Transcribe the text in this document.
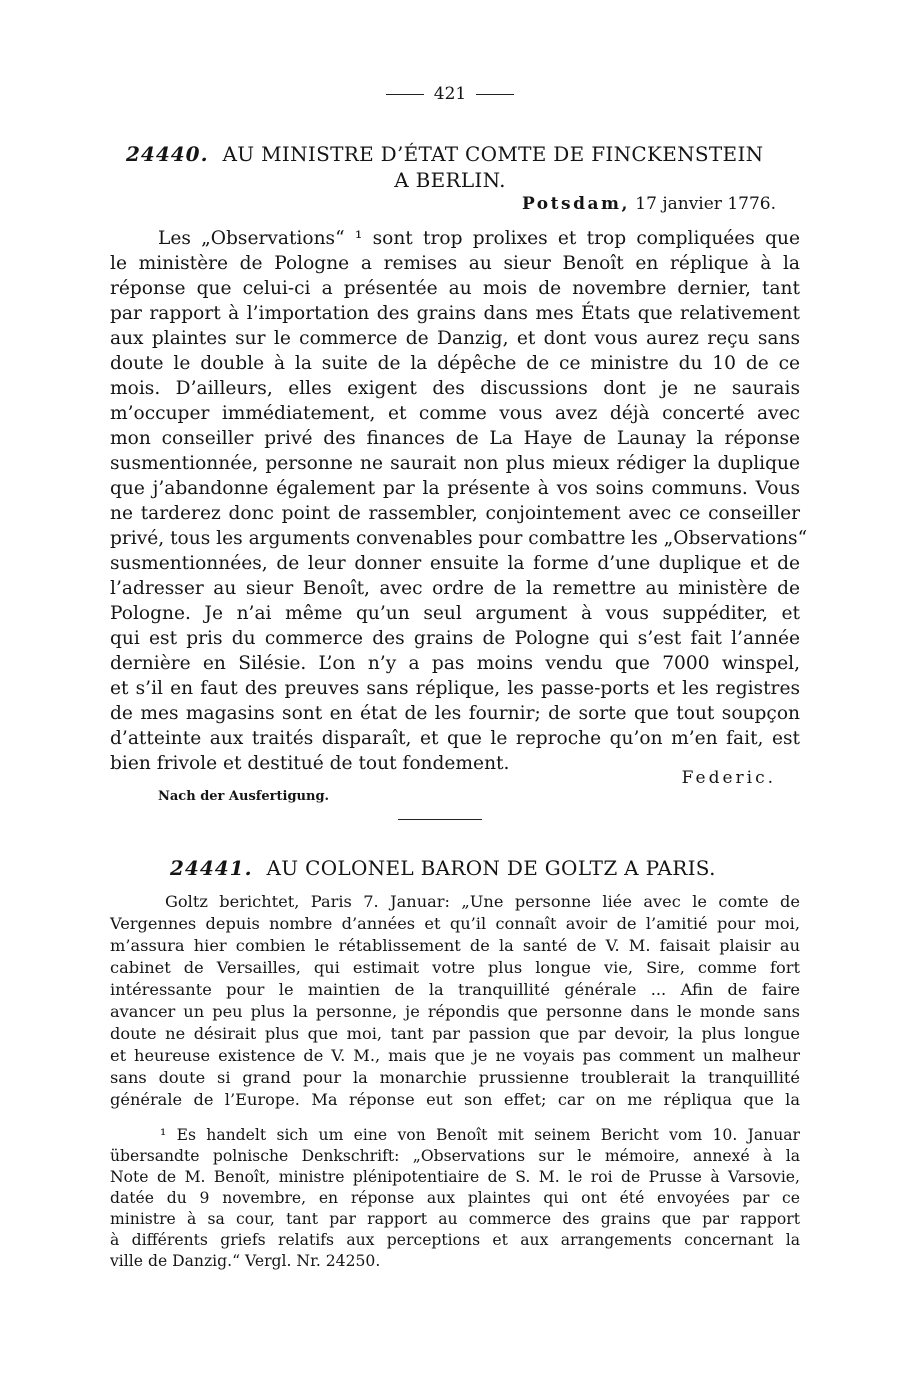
421
24440. AU MINISTRE D’ÉTAT COMTE DE FINCKENSTEIN
A BERLIN.
Potsdam, 17 janvier 1776.
Les „Observations“ ¹ sont trop prolixes et trop compliquées que
le ministère de Pologne a remises au sieur Benoît en réplique à la
réponse que celui-ci a présentée au mois de novembre dernier, tant
par rapport à l’importation des grains dans mes États que relativement
aux plaintes sur le commerce de Danzig, et dont vous aurez reçu sans
doute le double à la suite de la dépêche de ce ministre du 10 de ce
mois. D’ailleurs, elles exigent des discussions dont je ne saurais
m’occuper immédiatement, et comme vous avez déjà concerté avec
mon conseiller privé des finances de La Haye de Launay la réponse
susmentionnée, personne ne saurait non plus mieux rédiger la duplique
que j’abandonne également par la présente à vos soins communs. Vous
ne tarderez donc point de rassembler, conjointement avec ce conseiller
privé, tous les arguments convenables pour combattre les „Observations“
susmentionnées, de leur donner ensuite la forme d’une duplique et de
l’adresser au sieur Benoît, avec ordre de la remettre au ministère de
Pologne. Je n’ai même qu’un seul argument à vous suppéditer, et
qui est pris du commerce des grains de Pologne qui s’est fait l’année
dernière en Silésie. L’on n’y a pas moins vendu que 7000 winspel,
et s’il en faut des preuves sans réplique, les passe-ports et les registres
de mes magasins sont en état de les fournir; de sorte que tout soupçon
d’atteinte aux traités disparaît, et que le reproche qu’on m’en fait, est
bien frivole et destitué de tout fondement.
Federic.
Nach der Ausfertigung.
24441. AU COLONEL BARON DE GOLTZ A PARIS.
Goltz berichtet, Paris 7. Januar: „Une personne liée avec le comte de
Vergennes depuis nombre d’années et qu’il connaît avoir de l’amitié pour moi,
m’assura hier combien le rétablissement de la santé de V. M. faisait plaisir au
cabinet de Versailles, qui estimait votre plus longue vie, Sire, comme fort
intéressante pour le maintien de la tranquillité générale ... Afin de faire
avancer un peu plus la personne, je répondis que personne dans le monde sans
doute ne désirait plus que moi, tant par passion que par devoir, la plus longue
et heureuse existence de V. M., mais que je ne voyais pas comment un malheur
sans doute si grand pour la monarchie prussienne troublerait la tranquillité
générale de l’Europe. Ma réponse eut son effet; car on me répliqua que la
¹ Es handelt sich um eine von Benoît mit seinem Bericht vom 10. Januar
übersandte polnische Denkschrift: „Observations sur le mémoire, annexé à la
Note de M. Benoît, ministre plénipotentiaire de S. M. le roi de Prusse à Varsovie,
datée du 9 novembre, en réponse aux plaintes qui ont été envoyées par ce
ministre à sa cour, tant par rapport au commerce des grains que par rapport
à différents griefs relatifs aux perceptions et aux arrangements concernant la
ville de Danzig.“ Vergl. Nr. 24250.
